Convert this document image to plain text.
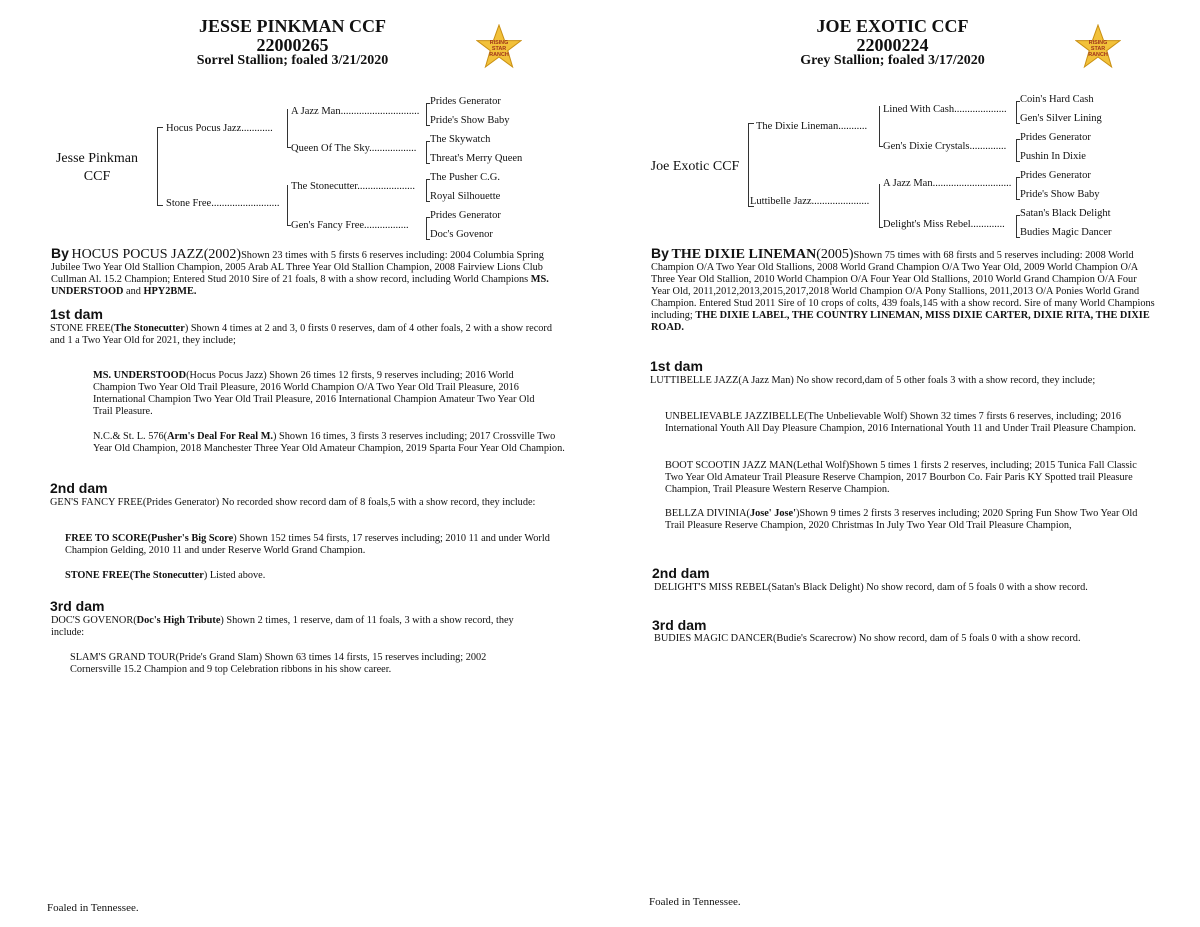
JESSE PINKMAN CCF
22000265
Sorrel Stallion; foaled 3/21/2020
RISING
STAR
RANCH
Jesse Pinkman
CCF
Hocus Pocus Jazz............
Stone Free..........................
A Jazz Man..............................
Queen Of The Sky..................
The Stonecutter......................
Gen's Fancy Free.................
Prides Generator
Pride's Show Baby
The Skywatch
Threat's Merry Queen
The Pusher C.G.
Royal Silhouette
Prides Generator
Doc's Govenor
By HOCUS POCUS JAZZ(2002)Shown 23 times with 5 firsts 6 reserves including: 2004 Columbia Spring Jubilee Two Year Old Stallion Champion, 2005 Arab AL Three Year Old Stallion Champion, 2008 Fairview Lions Club Cullman Al. 15.2 Champion; Entered Stud 2010 Sire of 21 foals, 8 with a show record, including World Champions MS. UNDERSTOOD and HPY2BME.
1st dam
STONE FREE(The Stonecutter) Shown 4 times at 2 and 3, 0 firsts 0 reserves, dam of 4 other foals, 2 with a show record and 1 a Two Year Old for 2021, they include;
MS. UNDERSTOOD(Hocus Pocus Jazz) Shown 26 times 12 firsts, 9 reserves including; 2016 World Champion Two Year Old Trail Pleasure, 2016 World Champion O/A Two Year Old Trail Pleasure, 2016 International Champion Two Year Old Trail Pleasure, 2016 International Champion Amateur Two Year Old Trail Pleasure.
N.C.& St. L. 576(Arm's Deal For Real M.) Shown 16 times, 3 firsts 3 reserves including; 2017 Crossville Two Year Old Champion, 2018 Manchester Three Year Old Amateur Champion, 2019 Sparta Four Year Old Champion.
2nd dam
GEN'S FANCY FREE(Prides Generator) No recorded show record dam of 8 foals,5 with a show record, they include:
FREE TO SCORE(Pusher's Big Score) Shown 152 times 54 firsts, 17 reserves including; 2010 11 and under World Champion Gelding, 2010 11 and under Reserve World Grand Champion.
STONE FREE(The Stonecutter) Listed above.
3rd dam
DOC'S GOVENOR(Doc's High Tribute) Shown 2 times, 1 reserve, dam of 11 foals, 3 with a show record, they include:
SLAM'S GRAND TOUR(Pride's Grand Slam) Shown 63 times 14 firsts, 15 reserves including; 2002 Cornersville 15.2 Champion and 9 top Celebration ribbons in his show career.
Foaled in Tennessee.
JOE EXOTIC CCF
22000224
Grey Stallion; foaled 3/17/2020
RISING
STAR
RANCH
Joe Exotic CCF
The Dixie Lineman...........
Luttibelle Jazz......................
Lined With Cash....................
Gen's Dixie Crystals..............
A Jazz Man..............................
Delight's Miss Rebel.............
Coin's Hard Cash
Gen's Silver Lining
Prides Generator
Pushin In Dixie
Prides Generator
Pride's Show Baby
Satan's Black Delight
Budies Magic Dancer
By THE DIXIE LINEMAN(2005)Shown 75 times with 68 firsts and 5 reserves including: 2008 World Champion O/A Two Year Old Stallions, 2008 World Grand Champion O/A Two Year Old, 2009 World Champion O/A Three Year Old Stallion, 2010 World Champion O/A Four Year Old Stallions, 2010 World Grand Champion O/A Four Year Old, 2011,2012,2013,2015,2017,2018 World Champion O/A Pony Stallions, 2011,2013 O/A Ponies World Grand Champion. Entered Stud 2011 Sire of 10 crops of colts, 439 foals,145 with a show record. Sire of many World Champions including; THE DIXIE LABEL, THE COUNTRY LINEMAN, MISS DIXIE CARTER, DIXIE RITA, THE DIXIE ROAD.
1st dam
LUTTIBELLE JAZZ(A Jazz Man) No show record,dam of 5 other foals 3 with a show record, they include;
UNBELIEVABLE JAZZIBELLE(The Unbelievable Wolf) Shown 32 times 7 firsts 6 reserves, including; 2016 International Youth All Day Pleasure Champion, 2016 International Youth 11 and Under Trail Pleasure Champion.
BOOT SCOOTIN JAZZ MAN(Lethal Wolf)Shown 5 times 1 firsts 2 reserves, including; 2015 Tunica Fall Classic Two Year Old Amateur Trail Pleasure Reserve Champion, 2017 Bourbon Co. Fair Paris KY Spotted trail Pleasure Champion, Trail Pleasure Western Reserve Champion.
BELLZA DIVINIA(Jose' Jose')Shown 9 times 2 firsts 3 reserves including; 2020 Spring Fun Show Two Year Old Trail Pleasure Reserve Champion, 2020 Christmas In July Two Year Old Trail Pleasure Champion,
2nd dam
DELIGHT'S MISS REBEL(Satan's Black Delight) No show record, dam of 5 foals 0 with a show record.
3rd dam
BUDIES MAGIC DANCER(Budie's Scarecrow) No show record, dam of 5 foals 0 with a show record.
Foaled in Tennessee.
